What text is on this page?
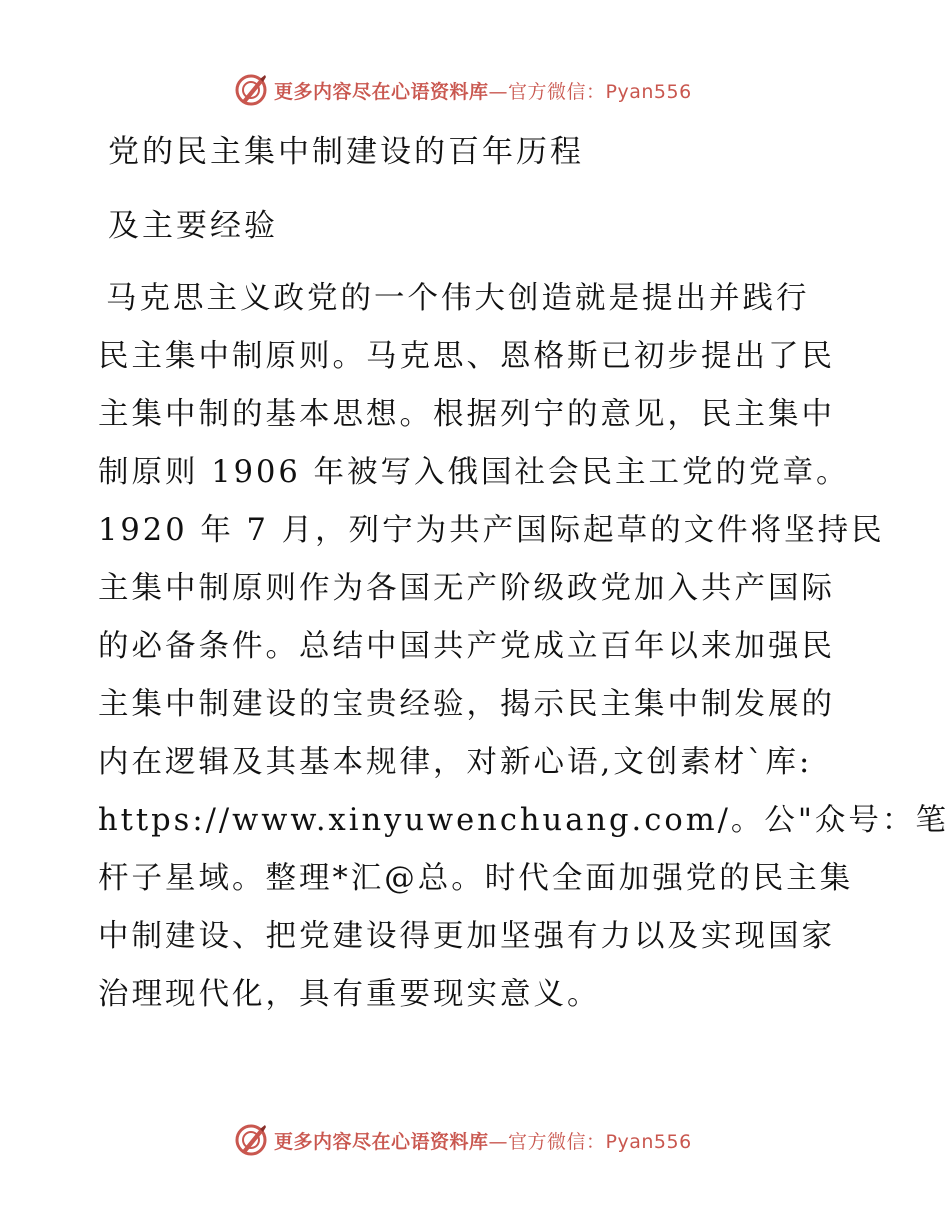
更多内容尽在心语资料库—官方微信：Pyan556
党的民主集中制建设的百年历程
及主要经验
马克思主义政党的一个伟大创造就是提出并践行
民主集中制原则。马克思、恩格斯已初步提出了民
主集中制的基本思想。根据列宁的意见，民主集中
制原则 1906 年被写入俄国社会民主工党的党章。
1920 年 7 月，列宁为共产国际起草的文件将坚持民
主集中制原则作为各国无产阶级政党加入共产国际
的必备条件。总结中国共产党成立百年以来加强民
主集中制建设的宝贵经验，揭示民主集中制发展的
内在逻辑及其基本规律，对新心语,文创素材`库:
https://www.xinyuwenchuang.com/。公"众号：笔
杆子星域。整理*汇@总。时代全面加强党的民主集
中制建设、把党建设得更加坚强有力以及实现国家
治理现代化，具有重要现实意义。
更多内容尽在心语资料库—官方微信：Pyan556
